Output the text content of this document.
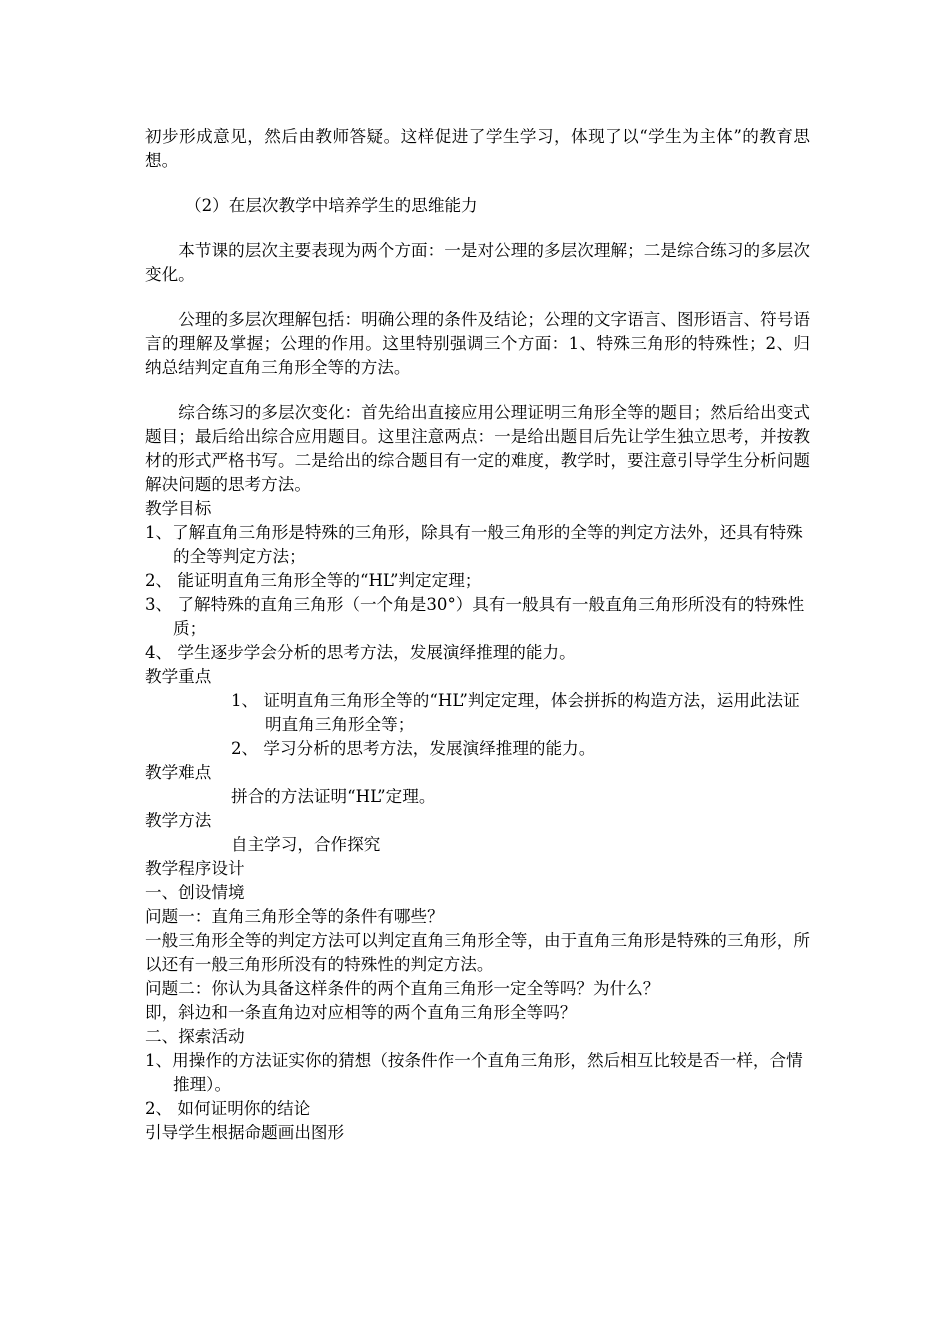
初步形成意见，然后由教师答疑。这样促进了学生学习，体现了以“学生为主体”的教育思想。

（2）在层次教学中培养学生的思维能力

本节课的层次主要表现为两个方面：一是对公理的多层次理解；二是综合练习的多层次变化。

公理的多层次理解包括：明确公理的条件及结论；公理的文字语言、图形语言、符号语言的理解及掌握；公理的作用。这里特别强调三个方面：1、特殊三角形的特殊性；2、归纳总结判定直角三角形全等的方法。

综合练习的多层次变化：首先给出直接应用公理证明三角形全等的题目；然后给出变式题目；最后给出综合应用题目。这里注意两点：一是给出题目后先让学生独立思考，并按教材的形式严格书写。二是给出的综合题目有一定的难度，教学时，要注意引导学生分析问题解决问题的思考方法。

教学目标

1、了解直角三角形是特殊的三角形，除具有一般三角形的全等的判定方法外，还具有特殊的全等判定方法；

2、 能证明直角三角形全等的“HL”判定定理；

3、 了解特殊的直角三角形（一个角是30°）具有一般具有一般直角三角形所没有的特殊性质；

4、 学生逐步学会分析的思考方法，发展演绎推理的能力。

教学重点

1、 证明直角三角形全等的“HL”判定定理，体会拼拆的构造方法，运用此法证明直角三角形全等；

2、 学习分析的思考方法，发展演绎推理的能力。

教学难点

拼合的方法证明“HL”定理。

教学方法

自主学习，合作探究

教学程序设计

一、创设情境

问题一：直角三角形全等的条件有哪些？

一般三角形全等的判定方法可以判定直角三角形全等，由于直角三角形是特殊的三角形，所以还有一般三角形所没有的特殊性的判定方法。

问题二：你认为具备这样条件的两个直角三角形一定全等吗？为什么？

即，斜边和一条直角边对应相等的两个直角三角形全等吗？

二、探索活动

1、用操作的方法证实你的猜想（按条件作一个直角三角形，然后相互比较是否一样，合情推理）。

2、 如何证明你的结论

引导学生根据命题画出图形
